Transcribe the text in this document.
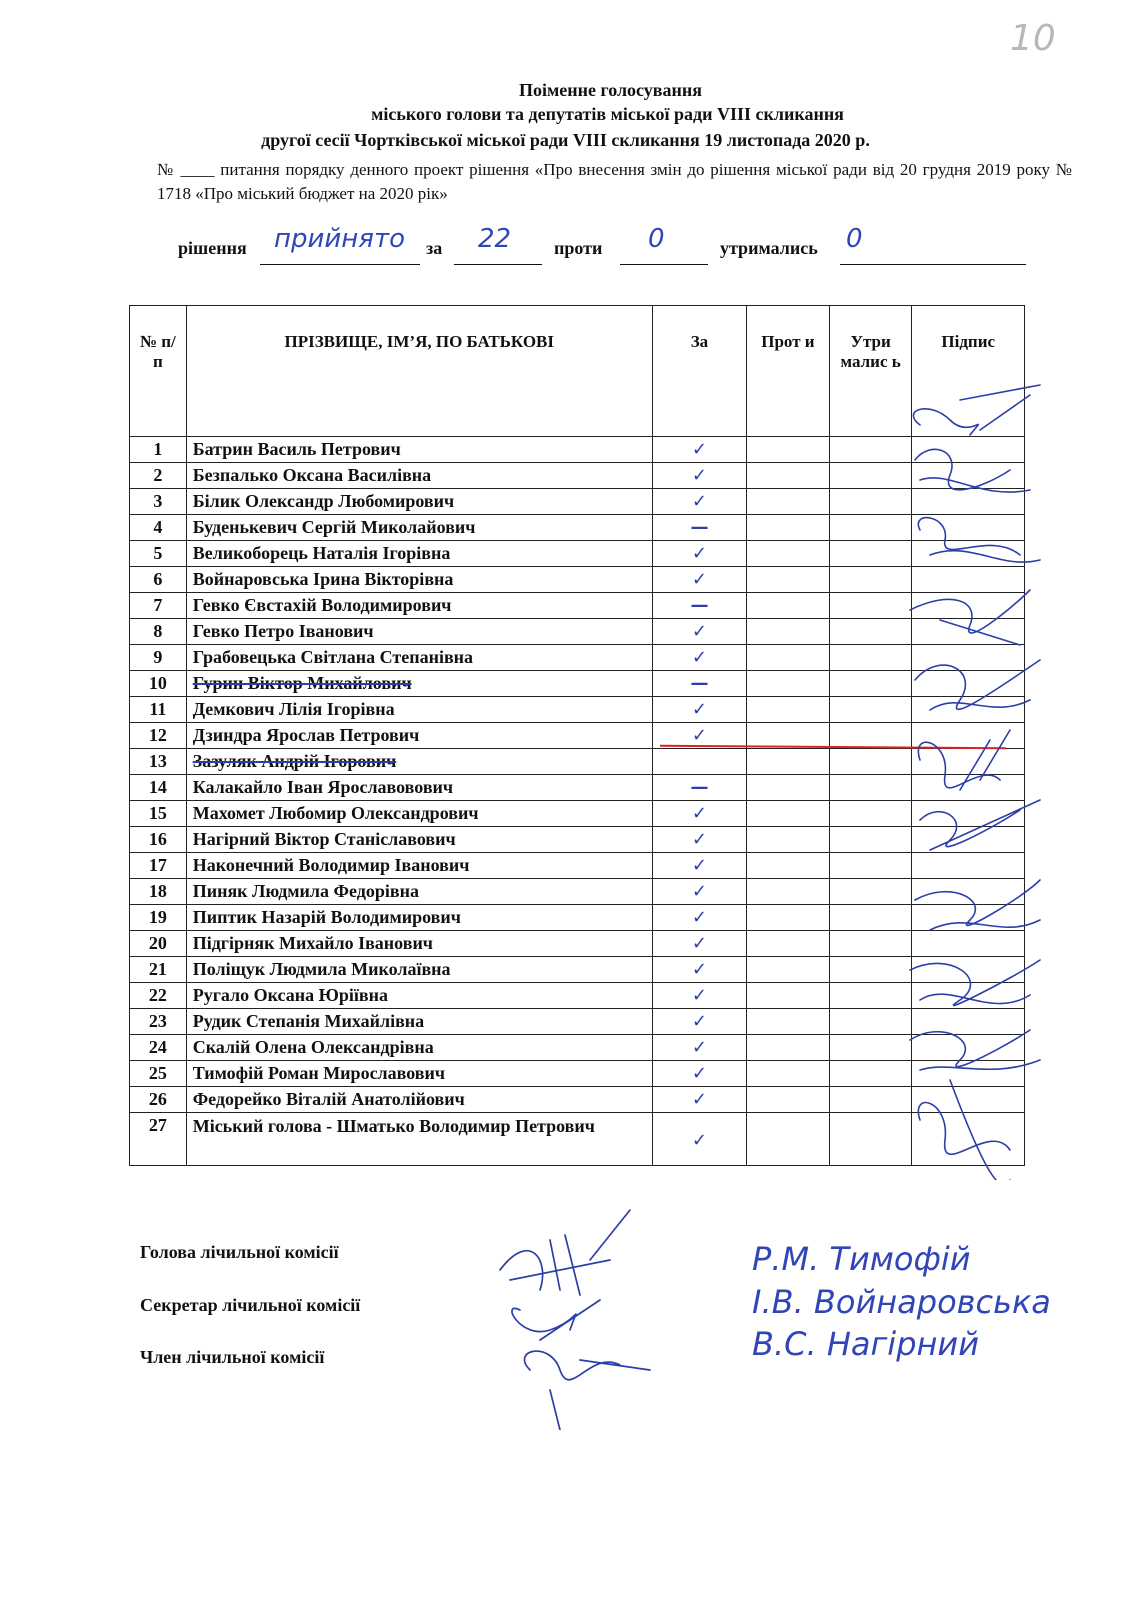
10
Поіменне голосування
міського голови та депутатів міської ради VIII скликання
другої сесії Чортківської міської ради VIII скликання 19 листопада 2020 р.
№ ____ питання порядку денного проект рішення «Про внесення змін до рішення міської ради від 20 грудня 2019 року № 1718 «Про міський бюджет на 2020 рік»
рішення прийнято за 22 проти 0	утримались 0
№ п/п	ПРІЗВИЩЕ, ІМ’Я, ПО БАТЬКОВІ	За	Прот и	Утри малис ь	Підпис
1	Батрин Василь Петрович	✓			
2	Безпалько Оксана Василівна	✓			
3	Білик Олександр Любомирович	✓			
4	Буденькевич Сергій Миколайович	—			
5	Великоборець Наталія Ігорівна	✓			
6	Войнаровська Ірина Вікторівна	✓			
7	Гевко Євстахій Володимирович	—			
8	Гевко Петро Іванович	✓			
9	Грабовецька Світлана Степанівна	✓			
10	Гурин Віктор Михайлович	—			
11	Демкович Лілія Ігорівна	✓			
12	Дзиндра Ярослав Петрович	✓			
13	Зазуляк Андрій Ігорович				
14	Калакайло Іван Ярославовович	—			
15	Махомет Любомир Олександрович	✓			
16	Нагірний Віктор Станіславович	✓			
17	Наконечний Володимир Іванович	✓			
18	Пиняк Людмила Федорівна	✓			
19	Пиптик Назарій Володимирович	✓			
20	Підгірняк Михайло Іванович	✓			
21	Поліщук Людмила Миколаївна	✓			
22	Ругало Оксана Юріївна	✓			
23	Рудик Степанія Михайлівна	✓			
24	Скалій Олена Олександрівна	✓			
25	Тимофій Роман Мирославович	✓			
26	Федорейко Віталій Анатолійович	✓			
27	Міський голова - Шматько Володимир Петрович	✓			
Голова лічильної комісії
Секретар лічильної комісії
Член лічильної комісії
Р.М. Тимофій
І.В. Войнаровська
В.С. Нагірний
